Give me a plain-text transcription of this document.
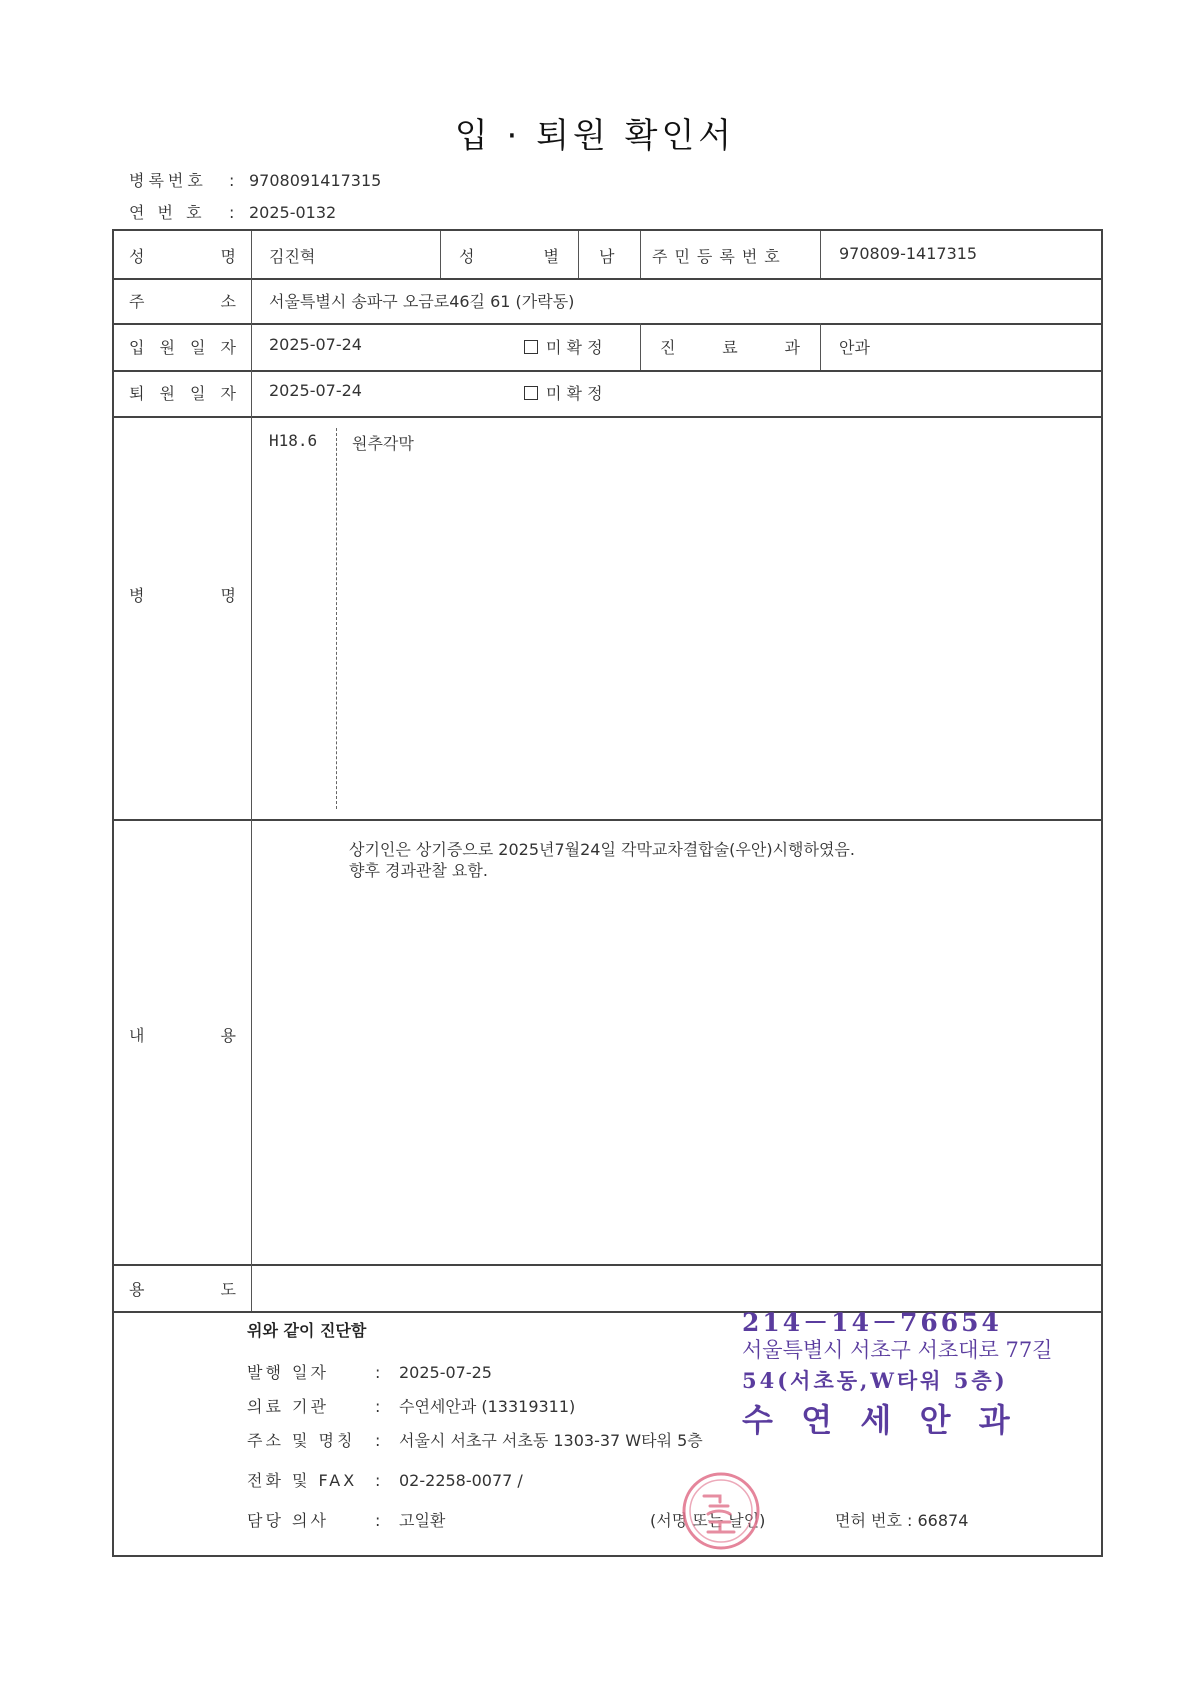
입 · 퇴원 확인서
병록번호 : 9708091417315
연 번 호 : 2025-0132
성	명 김진혁	성	별	남 주민등록번호	970809-1417315
주	소 서울특별시 송파구 오금로46길 61 (가락동)
입 원 일 자 2025-07-24	미 확 정	진	료	과 안과
퇴 원 일 자 2025-07-24	미 확 정
병	명
H18.6 원추각막
내	용
상기인은 상기증으로 2025년7월24일 각막교차결합술(우안)시행하였음.
향후 경과관찰 요함.
용	도
위와 같이 진단함
발행 일자	: 2025-07-25
의료 기관	: 수연세안과 (13319311)
주소 및 명칭 : 서울시 서초구 서초동 1303-37 W타워 5층
전화 및 FAX : 02-2258-0077 /
담당 의사	: 고일환	(서명 또는 날인)	면허 번호 : 66874
214－14－76654
서울특별시 서초구 서초대로 77길
54(서초동,W타워 5층)
수  연  세  안  과
